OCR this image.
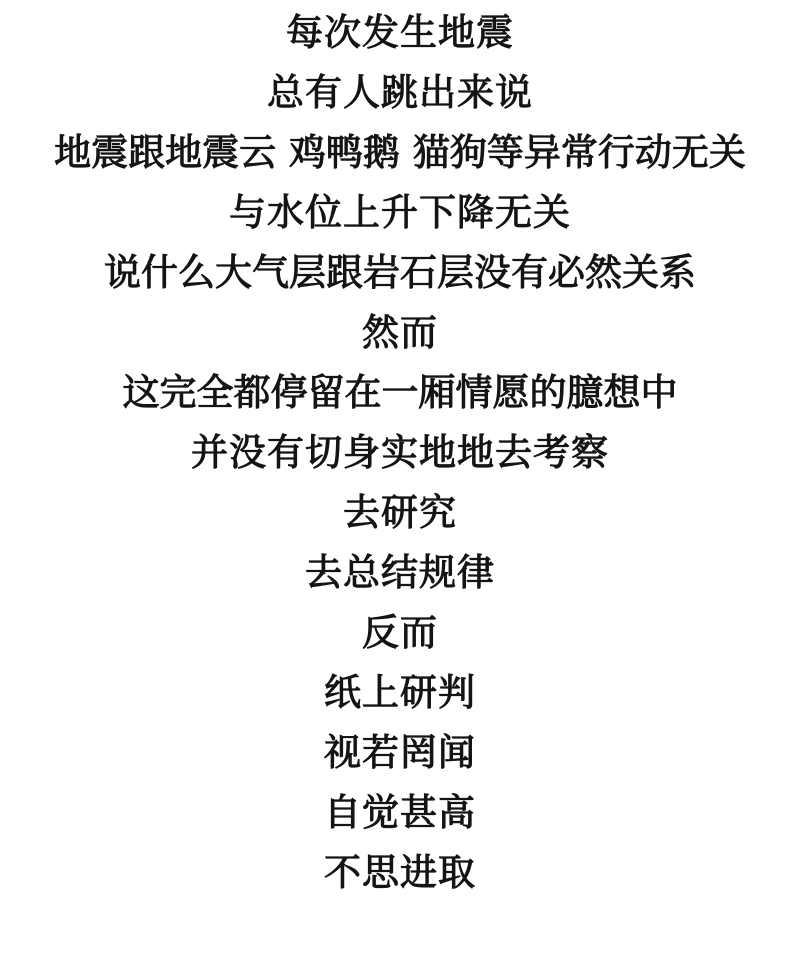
每次发生地震
总有人跳出来说
地震跟地震云 鸡鸭鹅 猫狗等异常行动无关
与水位上升下降无关
说什么大气层跟岩石层没有必然关系
然而
这完全都停留在一厢情愿的臆想中
并没有切身实地地去考察
去研究
去总结规律
反而
纸上研判
视若罔闻
自觉甚高
不思进取
